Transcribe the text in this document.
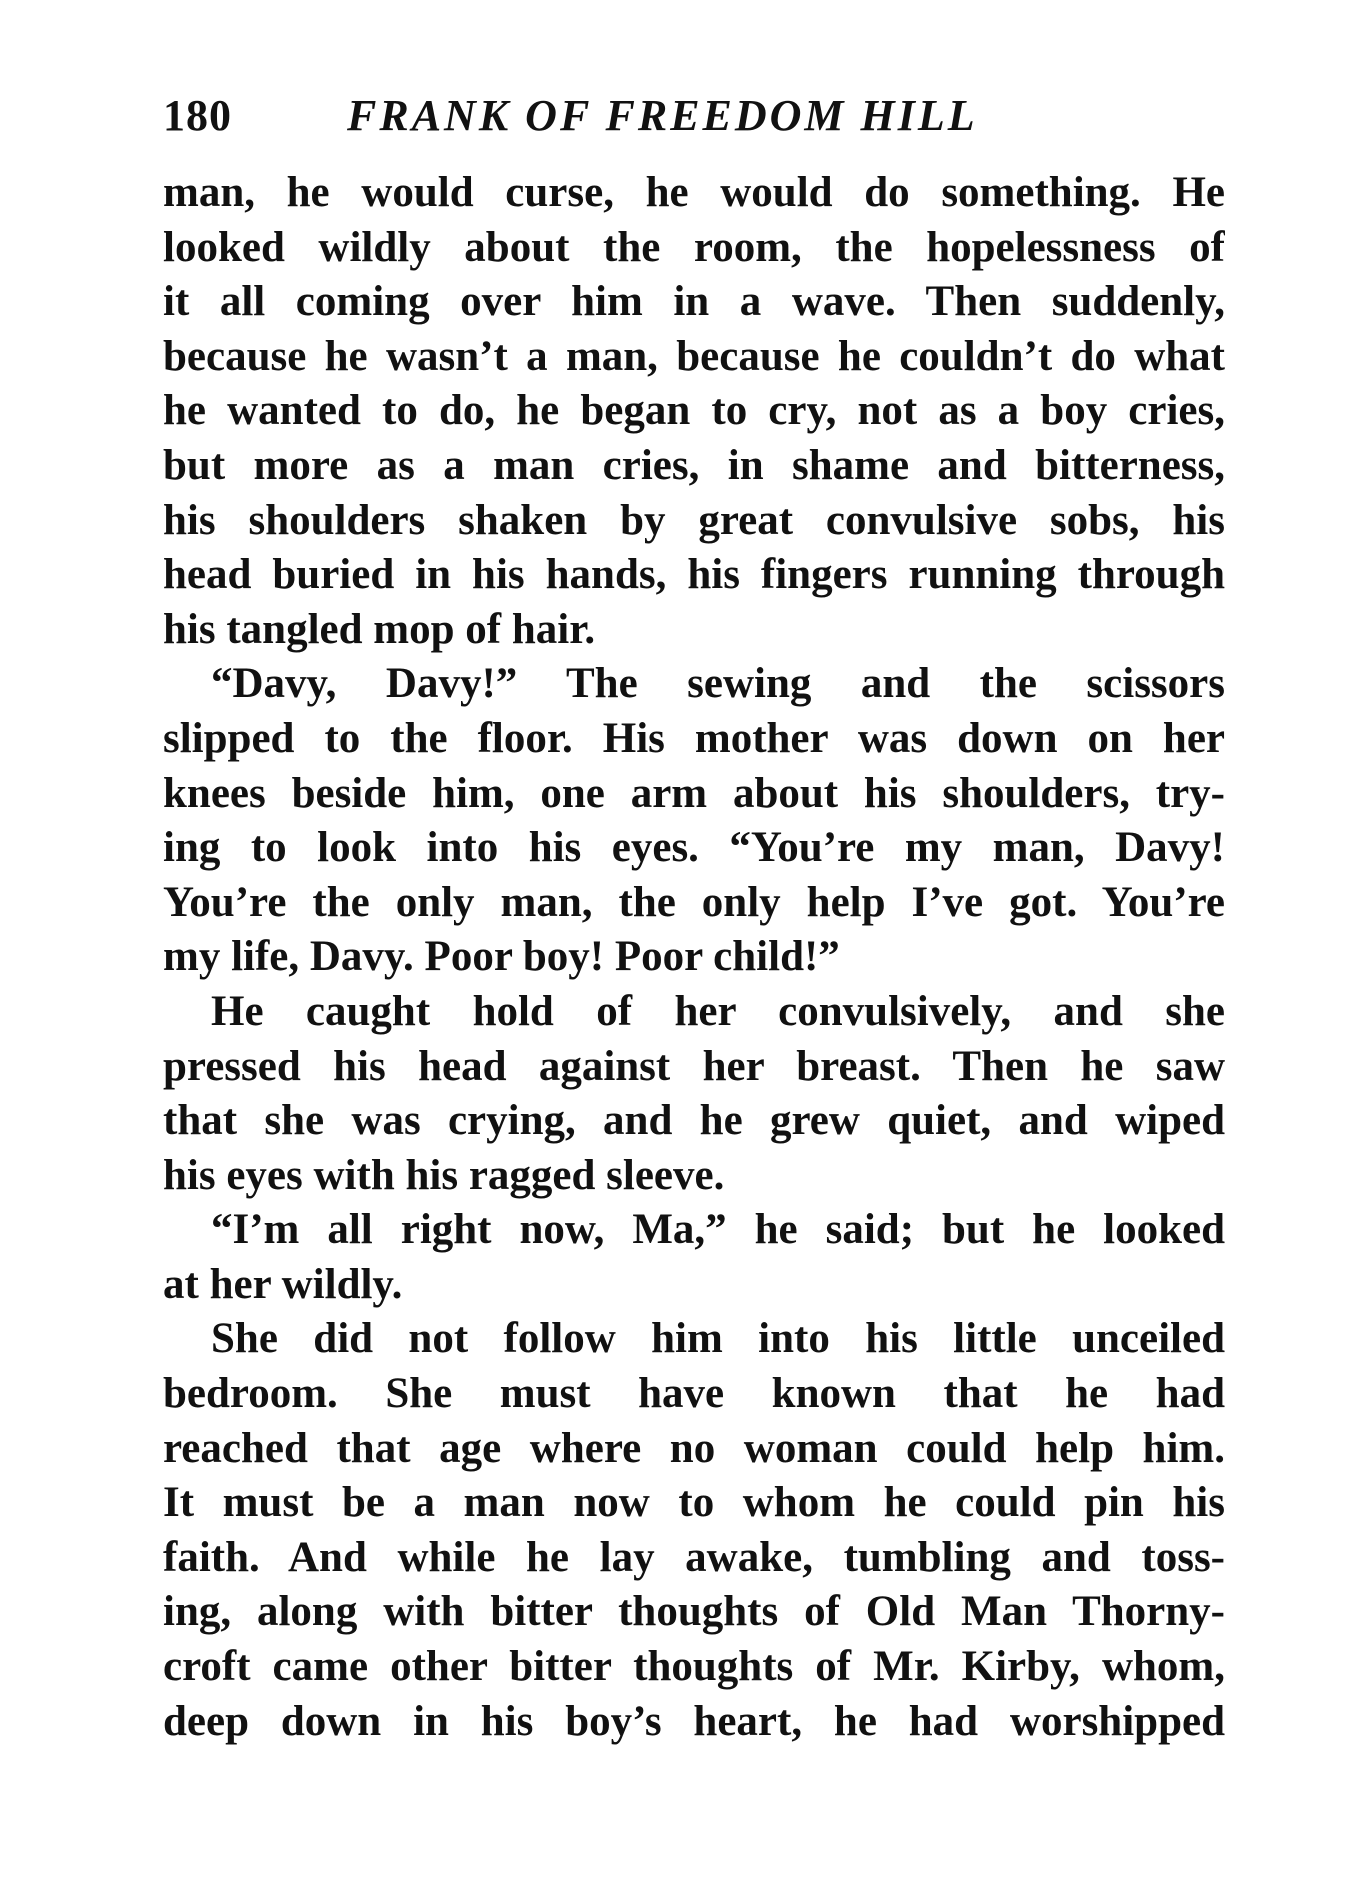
180	FRANK OF FREEDOM HILL
man, he would curse, he would do something. He
looked wildly about the room, the hopelessness of
it all coming over him in a wave. Then suddenly,
because he wasn’t a man, because he couldn’t do what
he wanted to do, he began to cry, not as a boy cries,
but more as a man cries, in shame and bitterness,
his shoulders shaken by great convulsive sobs, his
head buried in his hands, his fingers running through
his tangled mop of hair.
“Davy, Davy!” The sewing and the scissors
slipped to the floor. His mother was down on her
knees beside him, one arm about his shoulders, try-
ing to look into his eyes. “You’re my man, Davy!
You’re the only man, the only help I’ve got. You’re
my life, Davy. Poor boy! Poor child!”
He caught hold of her convulsively, and she
pressed his head against her breast. Then he saw
that she was crying, and he grew quiet, and wiped
his eyes with his ragged sleeve.
“I’m all right now, Ma,” he said; but he looked
at her wildly.
She did not follow him into his little unceiled
bedroom. She must have known that he had
reached that age where no woman could help him.
It must be a man now to whom he could pin his
faith. And while he lay awake, tumbling and toss-
ing, along with bitter thoughts of Old Man Thorny-
croft came other bitter thoughts of Mr. Kirby, whom,
deep down in his boy’s heart, he had worshipped
